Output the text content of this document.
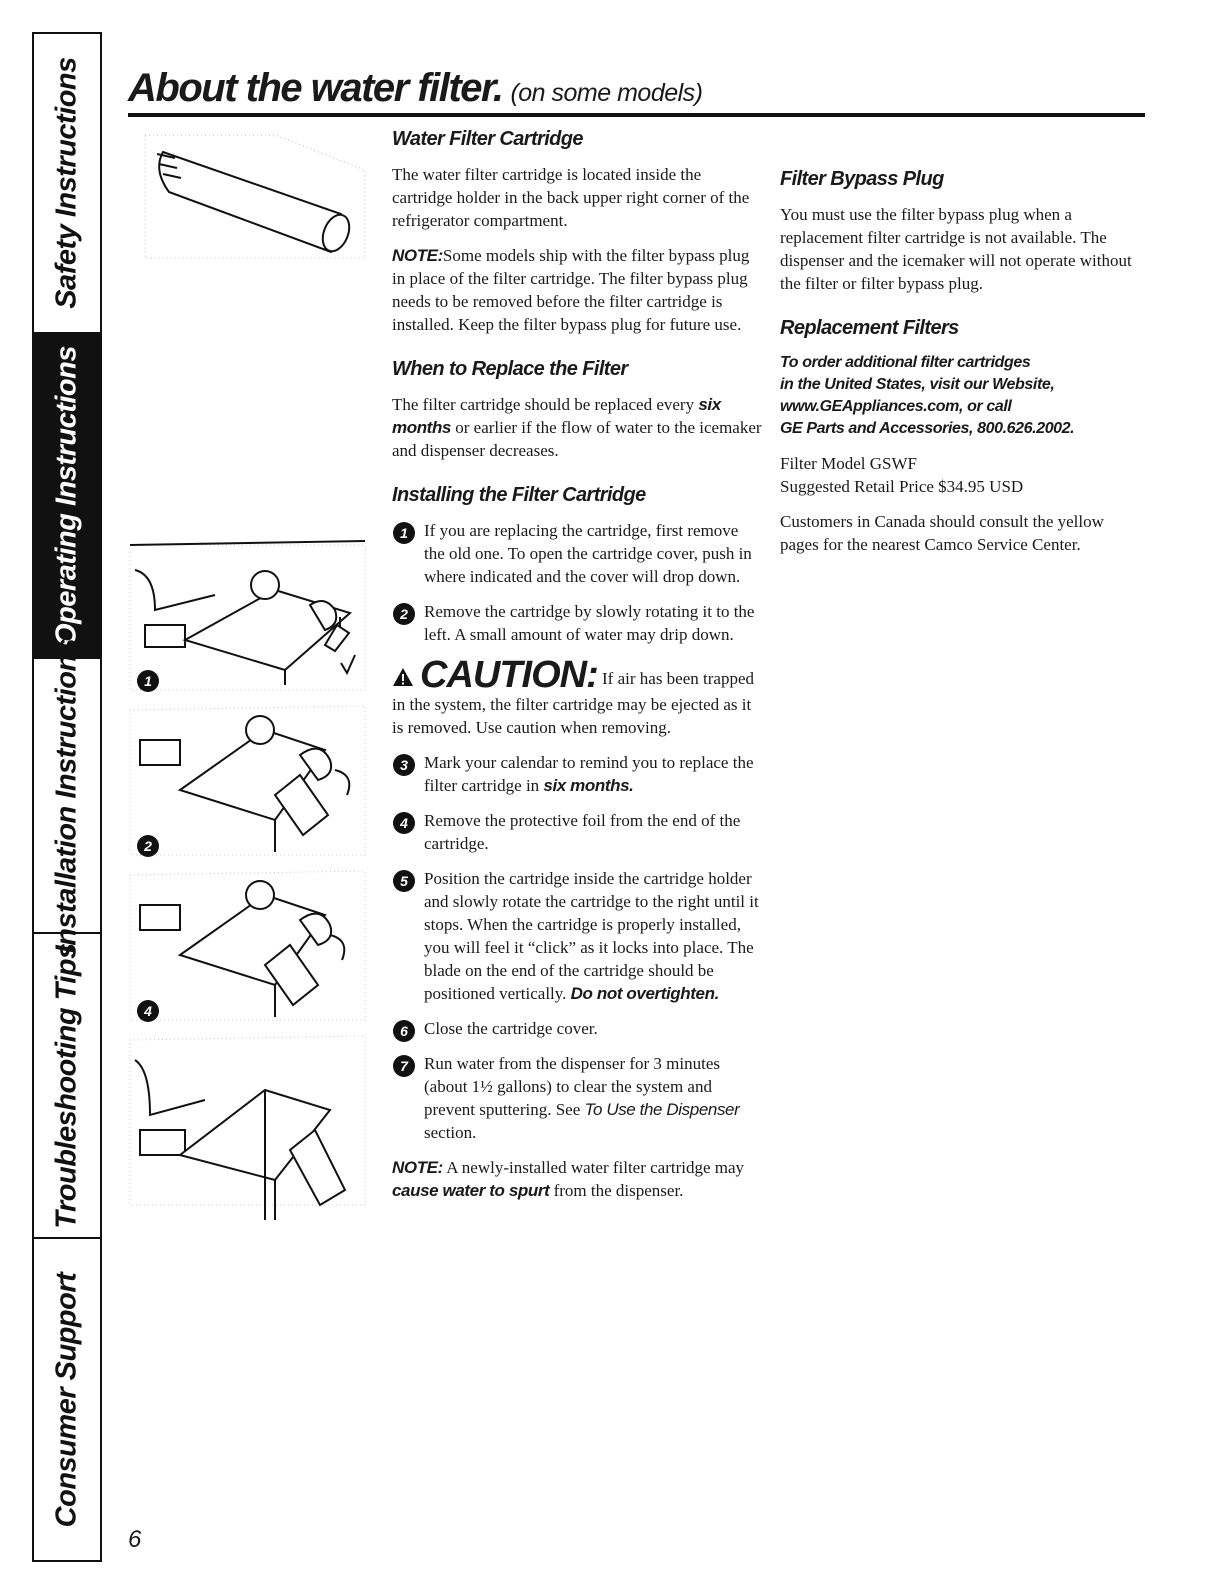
Safety Instructions
Operating Instructions
Installation Instructions
Troubleshooting Tips
Consumer Support
About the water filter. (on some models)
1
2
4
Water Filter Cartridge

The water filter cartridge is located inside the cartridge holder in the back upper right corner of the refrigerator compartment.

NOTE:Some models ship with the filter bypass plug in place of the filter cartridge. The filter bypass plug needs to be removed before the filter cartridge is installed. Keep the filter bypass plug for future use.

When to Replace the Filter

The filter cartridge should be replaced every six months or earlier if the flow of water to the icemaker and dispenser decreases.

Installing the Filter Cartridge
1 If you are replacing the cartridge, first remove the old one. To open the cartridge cover, push in where indicated and the cover will drop down.
2 Remove the cartridge by slowly rotating it to the left. A small amount of water may drip down.
CAUTION: If air has been trapped in the system, the filter cartridge may be ejected as it is removed. Use caution when removing.
3 Mark your calendar to remind you to replace the filter cartridge in six months.
4 Remove the protective foil from the end of the cartridge.
5 Position the cartridge inside the cartridge holder and slowly rotate the cartridge to the right until it stops. When the cartridge is properly installed, you will feel it “click” as it locks into place. The blade on the end of the cartridge should be positioned vertically. Do not overtighten.
6 Close the cartridge cover.
7 Run water from the dispenser for 3 minutes (about 1½ gallons) to clear the system and prevent sputtering. See To Use the Dispenser section.

NOTE: A newly-installed water filter cartridge may cause water to spurt from the dispenser.

Filter Bypass Plug

You must use the filter bypass plug when a replacement filter cartridge is not available. The dispenser and the icemaker will not operate without the filter or filter bypass plug.

Replacement Filters
To order additional filter cartridges
in the United States, visit our Website,
www.GEAppliances.com, or call
GE Parts and Accessories, 800.626.2002.

Filter Model GSWF
Suggested Retail Price $34.95 USD

Customers in Canada should consult the yellow pages for the nearest Camco Service Center.

6
